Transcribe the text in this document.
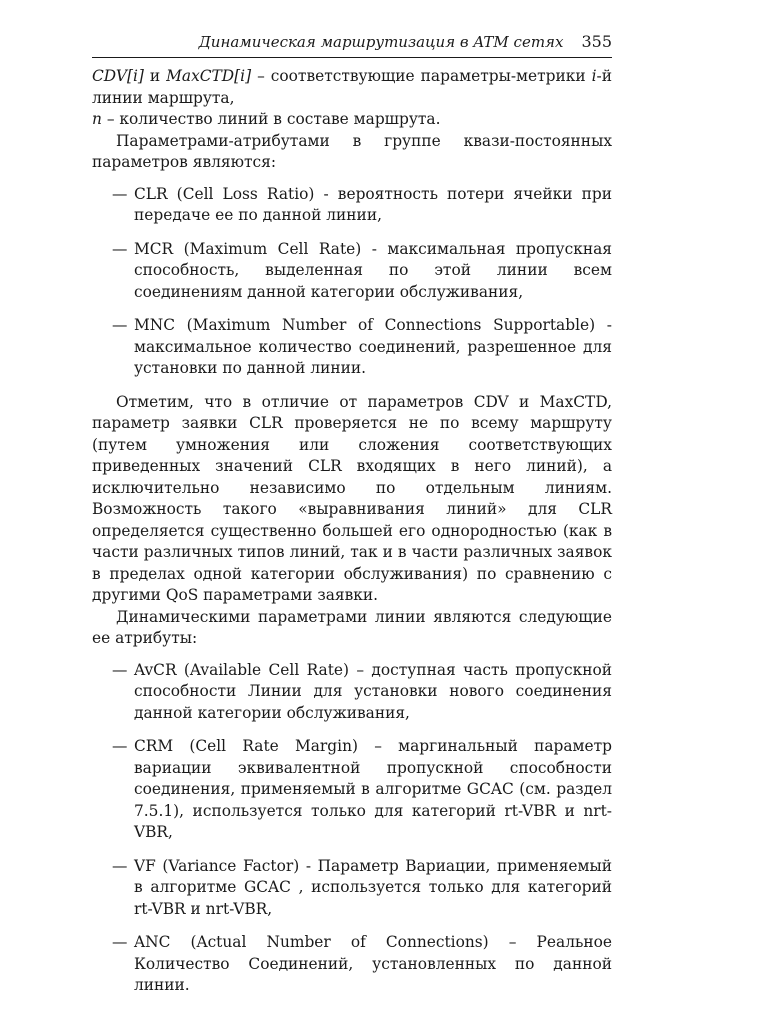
Динамическая маршрутизация в ATM сетях 355

CDV[i] и MaxCTD[i] – соответствующие параметры-метрики i-й линии маршрута,

n – количество линий в составе маршрута.

Параметрами-атрибутами в группе квази-постоянных параметров являются:

— CLR (Cell Loss Ratio) - вероятность потери ячейки при передаче ее по данной линии,
— MCR (Maximum Cell Rate) - максимальная пропускная способность, выделенная по этой линии всем соединениям данной категории обслуживания,
— MNC (Maximum Number of Connections Supportable) - максимальное количество соединений, разрешенное для установки по данной линии.

Отметим, что в отличие от параметров CDV и MaxCTD, параметр заявки CLR проверяется не по всему маршруту (путем умножения или сложения соответствующих приведенных значений CLR входящих в него линий), а исключительно независимо по отдельным линиям. Возможность такого «выравнивания линий» для CLR определяется существенно большей его однородностью (как в части различных типов линий, так и в части различных заявок в пределах одной категории обслуживания) по сравнению с другими QoS параметрами заявки.

Динамическими параметрами линии являются следующие ее атрибуты:

— AvCR (Available Cell Rate) – доступная часть пропускной способности Линии для установки нового соединения данной категории обслуживания,
— CRM (Cell Rate Margin) – маргинальный параметр вариации эквивалентной пропускной способности соединения, применяемый в алгоритме GCAC (см. раздел 7.5.1), используется только для категорий rt-VBR и nrt-VBR,
— VF (Variance Factor) - Параметр Вариации, применяемый в алгоритме GCAC , используется только для категорий rt-VBR и nrt-VBR,
— ANC (Actual Number of Connections) – Реальное Количество Соединений, установленных по данной линии.
